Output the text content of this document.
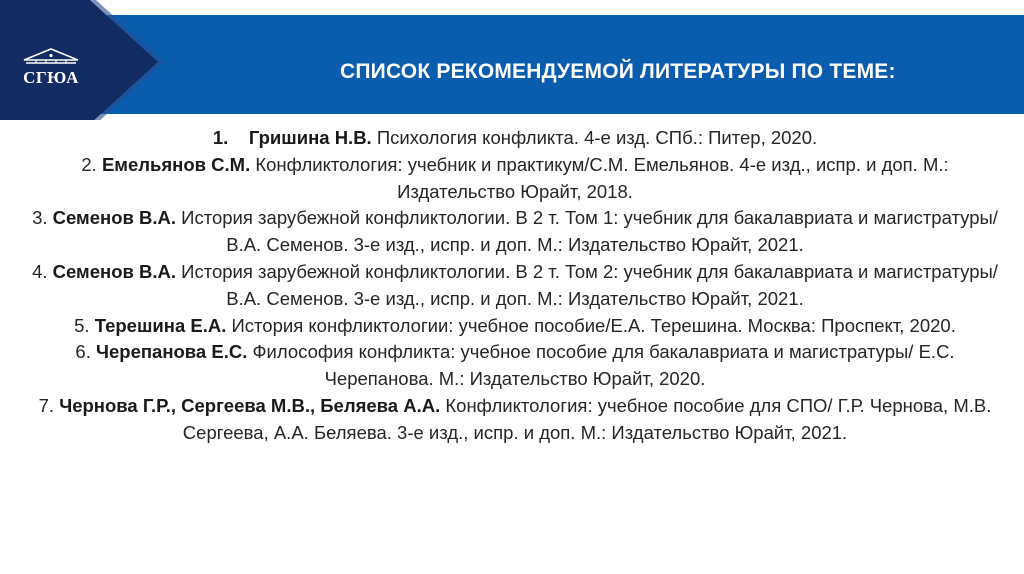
СГЮА	СПИСОК РЕКОМЕНДУЕМОЙ ЛИТЕРАТУРЫ ПО ТЕМЕ:

1. Гришина Н.В. Психология конфликта. 4-е изд. СПб.: Питер, 2020.

2. Емельянов С.М. Конфликтология: учебник и практикум/С.М. Емельянов. 4-е изд., испр. и доп. М.: Издательство Юрайт, 2018.

3. Семенов В.А. История зарубежной конфликтологии. В 2 т. Том 1: учебник для бакалавриата и магистратуры/В.А. Семенов. 3-е изд., испр. и доп. М.: Издательство Юрайт, 2021.

4. Семенов В.А. История зарубежной конфликтологии. В 2 т. Том 2: учебник для бакалавриата и магистратуры/В.А. Семенов. 3-е изд., испр. и доп. М.: Издательство Юрайт, 2021.

5. Терешина Е.А. История конфликтологии: учебное пособие/Е.А. Терешина. Москва: Проспект, 2020.

6. Черепанова Е.С. Философия конфликта: учебное пособие для бакалавриата и магистратуры/ Е.С. Черепанова. М.: Издательство Юрайт, 2020.

7. Чернова Г.Р., Сергеева М.В., Беляева А.А. Конфликтология: учебное пособие для СПО/ Г.Р. Чернова, М.В. Сергеева, А.А. Беляева. 3-е изд., испр. и доп. М.: Издательство Юрайт, 2021.
